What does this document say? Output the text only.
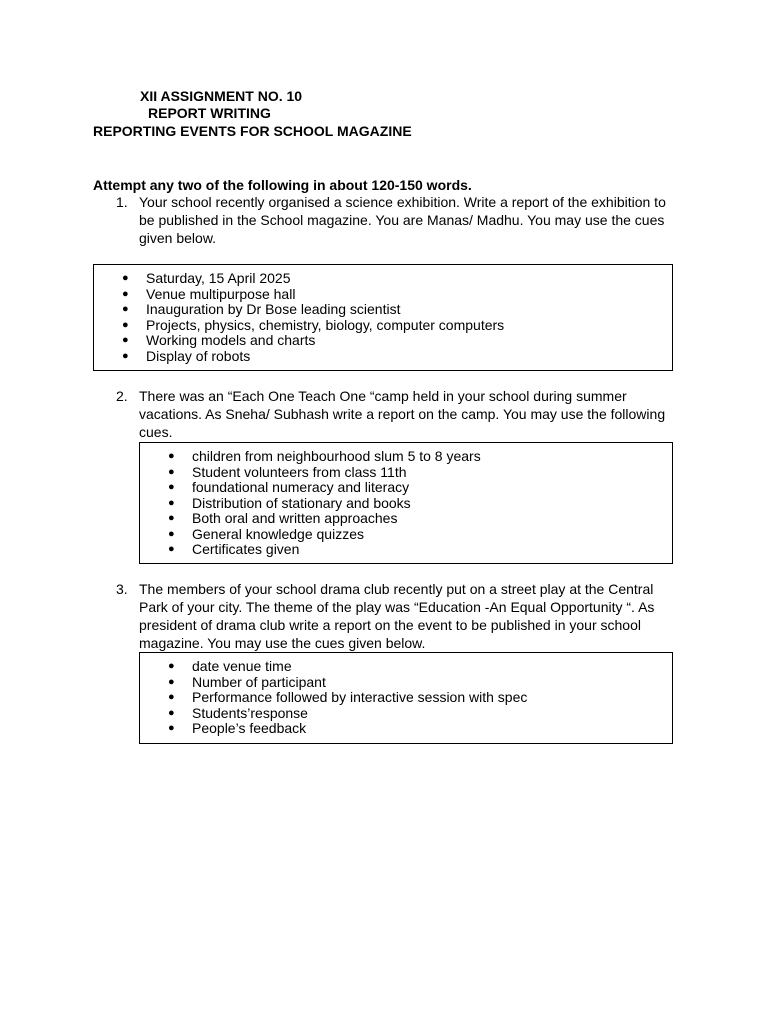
XII ASSIGNMENT NO. 10
REPORT WRITING
REPORTING EVENTS FOR SCHOOL MAGAZINE
Attempt any two of the following in about 120-150 words.
1. Your school recently organised a science exhibition. Write a report of the exhibition to
be published in the School magazine. You are Manas/ Madhu. You may use the cues
given below.
● Saturday, 15 April 2025
● Venue multipurpose hall
● Inauguration by Dr Bose leading scientist
● Projects, physics, chemistry, biology, computer computers
● Working models and charts
● Display of robots
2. There was an “Each One Teach One “camp held in your school during summer
vacations. As Sneha/ Subhash write a report on the camp. You may use the following
cues.
● children from neighbourhood slum 5 to 8 years
● Student volunteers from class 11th
● foundational numeracy and literacy
● Distribution of stationary and books
● Both oral and written approaches
● General knowledge quizzes
● Certificates given
3. The members of your school drama club recently put on a street play at the Central
Park of your city. The theme of the play was “Education -An Equal Opportunity “. As
president of drama club write a report on the event to be published in your school
magazine. You may use the cues given below.
● date venue time
● Number of participant
● Performance followed by interactive session with spec
● Students’response
● People’s feedback
